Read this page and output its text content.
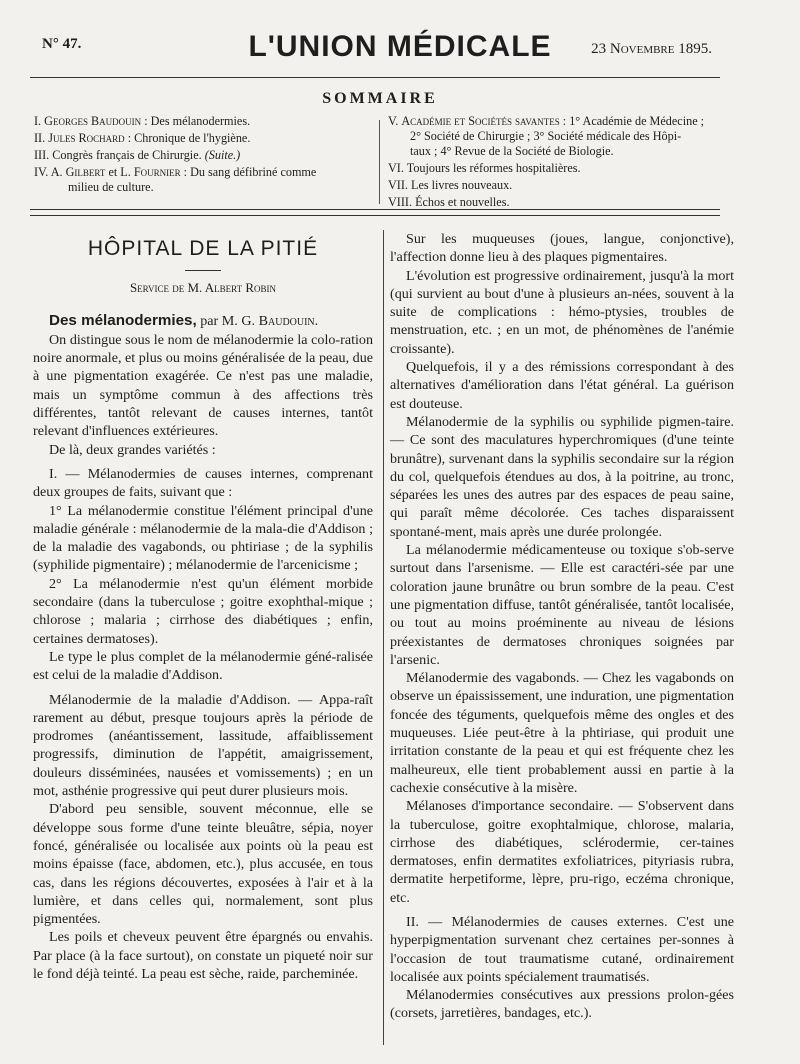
N° 47.	L'UNION MÉDICALE	23 Novembre 1895.
SOMMAIRE
I. Georges Baudouin : Des mélanodermies.
II. Jules Rochard : Chronique de l'hygiène.
III. Congrès français de Chirurgie. (Suite.)
IV. A. Gilbert et L. Fournier : Du sang défibriné comme
milieu de culture.
V. Académie et Sociétés savantes : 1° Académie de Médecine ;
2° Société de Chirurgie ; 3° Société médicale des Hôpi-
taux ; 4° Revue de la Société de Biologie.
VI. Toujours les réformes hospitalières.
VII. Les livres nouveaux.
VIII. Échos et nouvelles.

HÔPITAL DE LA PITIÉ

Service de M. Albert Robin

Des mélanodermies, par M. G. Baudouin.

On distingue sous le nom de mélanodermie la colo-ration noire anormale, et plus ou moins généralisée de la peau, due à une pigmentation exagérée. Ce n'est pas une maladie, mais un symptôme commun à des affections très différentes, tantôt relevant de causes internes, tantôt relevant d'influences extérieures.

De là, deux grandes variétés :

I. — Mélanodermies de causes internes, comprenant deux groupes de faits, suivant que :

1° La mélanodermie constitue l'élément principal d'une maladie générale : mélanodermie de la mala-die d'Addison ; de la maladie des vagabonds, ou phtiriase ; de la syphilis (syphilide pigmentaire) ; mélanodermie de l'arcenicisme ;

2° La mélanodermie n'est qu'un élément morbide secondaire (dans la tuberculose ; goitre exophthal-mique ; chlorose ; malaria ; cirrhose des diabétiques ; enfin, certaines dermatoses).

Le type le plus complet de la mélanodermie géné-ralisée est celui de la maladie d'Addison.

Mélanodermie de la maladie d'Addison. — Appa-raît rarement au début, presque toujours après la période de prodromes (anéantissement, lassitude, affaiblissement progressifs, diminution de l'appétit, amaigrissement, douleurs disséminées, nausées et vomissements) ; en un mot, asthénie progressive qui peut durer plusieurs mois.

D'abord peu sensible, souvent méconnue, elle se développe sous forme d'une teinte bleuâtre, sépia, noyer foncé, généralisée ou localisée aux points où la peau est moins épaisse (face, abdomen, etc.), plus accusée, en tous cas, dans les régions découvertes, exposées à l'air et à la lumière, et dans celles qui, normalement, sont plus pigmentées.

Les poils et cheveux peuvent être épargnés ou envahis. Par place (à la face surtout), on constate un piqueté noir sur le fond déjà teinté. La peau est sèche, raide, parcheminée.

Sur les muqueuses (joues, langue, conjonctive), l'affection donne lieu à des plaques pigmentaires.

L'évolution est progressive ordinairement, jusqu'à la mort (qui survient au bout d'une à plusieurs an-nées, souvent à la suite de complications : hémo-ptysies, troubles de menstruation, etc. ; en un mot, de phénomènes de l'anémie croissante).

Quelquefois, il y a des rémissions correspondant à des alternatives d'amélioration dans l'état général. La guérison est douteuse.

Mélanodermie de la syphilis ou syphilide pigmen-taire. — Ce sont des maculatures hyperchromiques (d'une teinte brunâtre), survenant dans la syphilis secondaire sur la région du col, quelquefois étendues au dos, à la poitrine, au tronc, séparées les unes des autres par des espaces de peau saine, qui paraît même décolorée. Ces taches disparaissent spontané-ment, mais après une durée prolongée.

La mélanodermie médicamenteuse ou toxique s'ob-serve surtout dans l'arsenisme. — Elle est caractéri-sée par une coloration jaune brunâtre ou brun sombre de la peau. C'est une pigmentation diffuse, tantôt généralisée, tantôt localisée, ou tout au moins proéminente au niveau de lésions préexistantes de dermatoses chroniques soignées par l'arsenic.

Mélanodermie des vagabonds. — Chez les vagabonds on observe un épaississement, une induration, une pigmentation foncée des téguments, quelquefois même des ongles et des muqueuses. Liée peut-être à la phtiriase, qui produit une irritation constante de la peau et qui est fréquente chez les malheureux, elle tient probablement aussi en partie à la cachexie consécutive à la misère.

Mélanoses d'importance secondaire. — S'observent dans la tuberculose, goitre exophtalmique, chlorose, malaria, cirrhose des diabétiques, sclérodermie, cer-taines dermatoses, enfin dermatites exfoliatrices, pityriasis rubra, dermatite herpetiforme, lèpre, pru-rigo, eczéma chronique, etc.

II. — Mélanodermies de causes externes. C'est une hyperpigmentation survenant chez certaines per-sonnes à l'occasion de tout traumatisme cutané, ordinairement localisée aux points spécialement traumatisés.

Mélanodermies consécutives aux pressions prolon-gées (corsets, jarretières, bandages, etc.).
